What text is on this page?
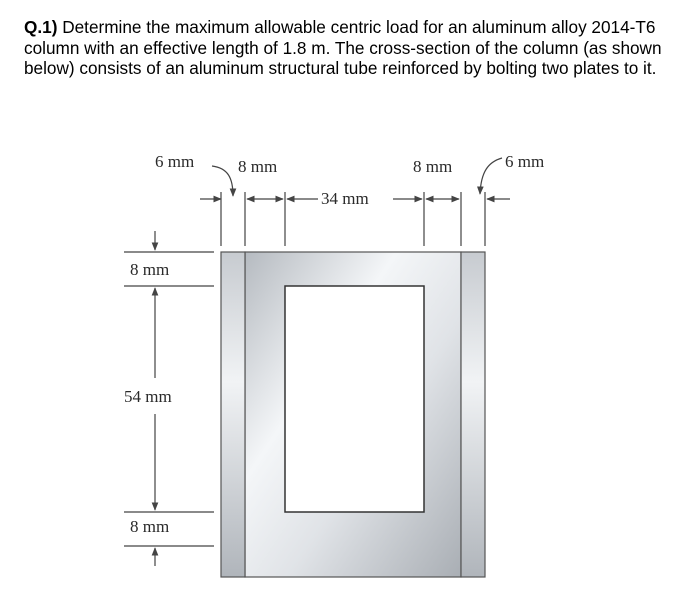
Q.1) Determine the maximum allowable centric load for an aluminum alloy 2014-T6 column with an effective length of 1.8 m. The cross-section of the column (as shown below) consists of an aluminum structural tube reinforced by bolting two plates to it.
6 mm	8 mm
34 mm
8 mm	6 mm
8 mm
54 mm
8 mm
